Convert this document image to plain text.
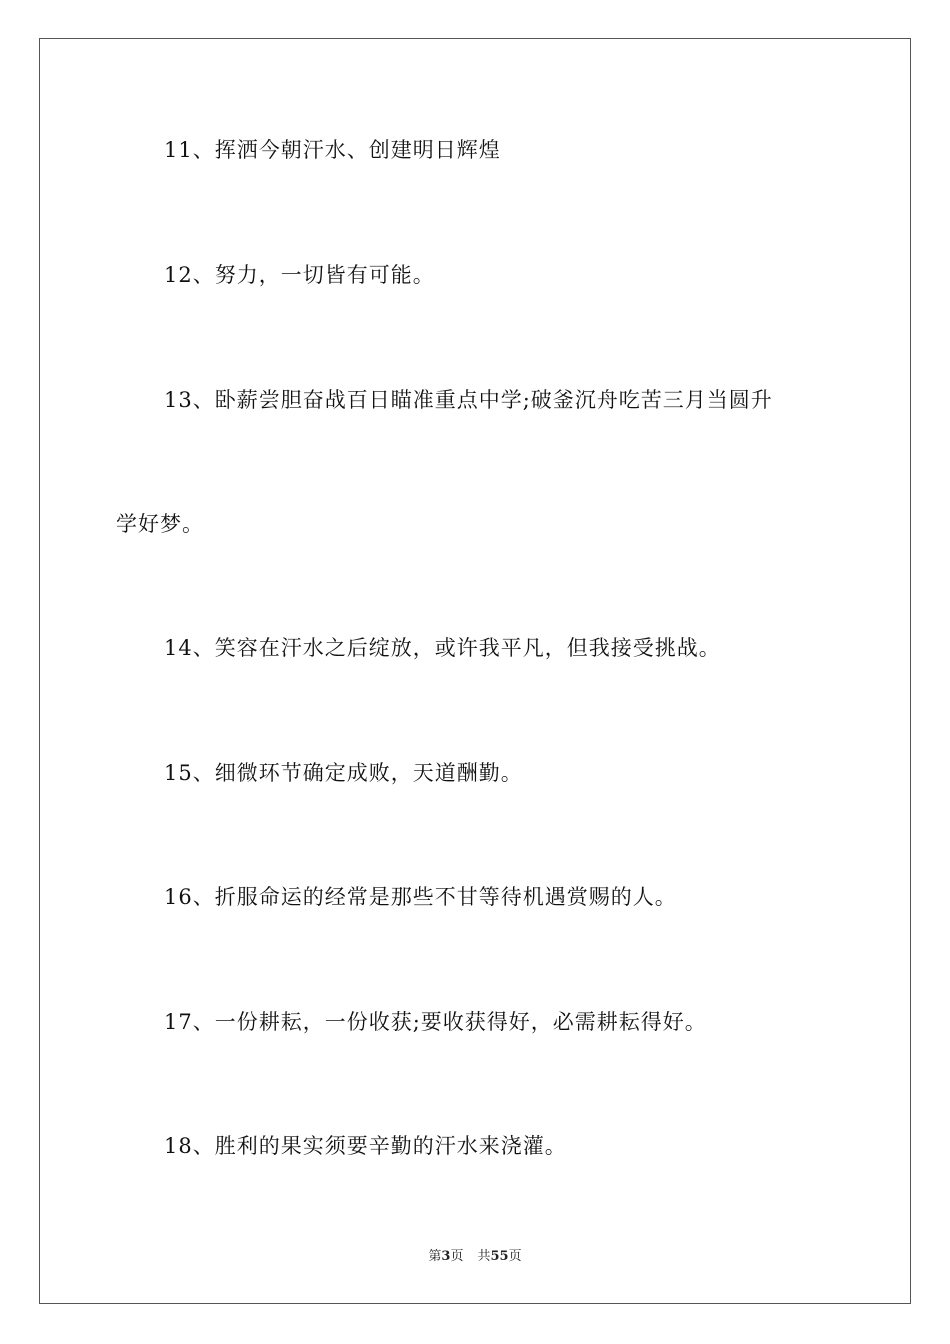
11、挥洒今朝汗水、创建明日辉煌
12、努力，一切皆有可能。
13、卧薪尝胆奋战百日瞄准重点中学;破釜沉舟吃苦三月当圆升
学好梦。
14、笑容在汗水之后绽放，或许我平凡，但我接受挑战。
15、细微环节确定成败，天道酬勤。
16、折服命运的经常是那些不甘等待机遇赏赐的人。
17、一份耕耘，一份收获;要收获得好，必需耕耘得好。
18、胜利的果实须要辛勤的汗水来浇灌。
第3页 共55页
